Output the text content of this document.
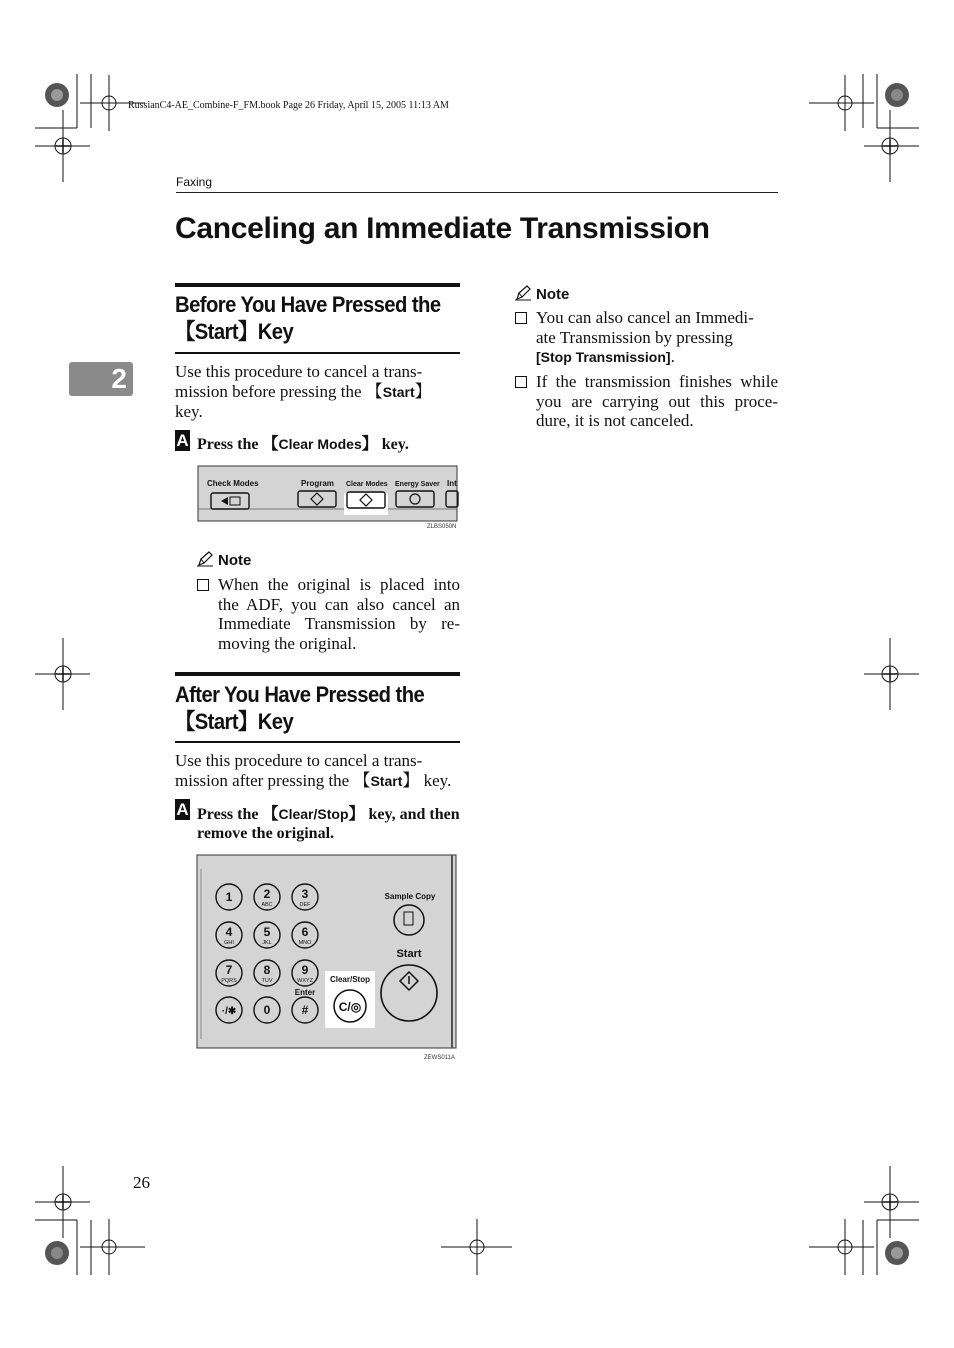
RussianC4-AE_Combine-F_FM.book Page 26 Friday, April 15, 2005 11:13 AM
Faxing
Canceling an Immediate Transmission
2
Before You Have Pressed the
【Start】Key
Use this procedure to cancel a trans-
mission before pressing the 【Start】
key.
A Press the 【Clear Modes】 key.
Check Modes	Program Clear Modes Energy Saver Int
ZLBS050N
Note
When the original is placed into the ADF, you can also cancel an Immediate Transmission by re-moving the original.
After You Have Pressed the
【Start】Key
Use this procedure to cancel a trans-
mission after pressing the 【Start】 key.
A Press the 【Clear/Stop】 key, and then
remove the original.
1	2
ABC
3
DEF
4
GHI
5
JKL
6
MNO
7
PQRS
8
TUV
9
WXYZ
·/✱ 0	#
Enter
Clear/Stop
C/◎
Sample Copy
Start
ZEWS011A
Note
You can also cancel an Immedi-
ate Transmission by pressing
[Stop Transmission].
If the transmission finishes while you are carrying out this proce-dure, it is not canceled.
26
